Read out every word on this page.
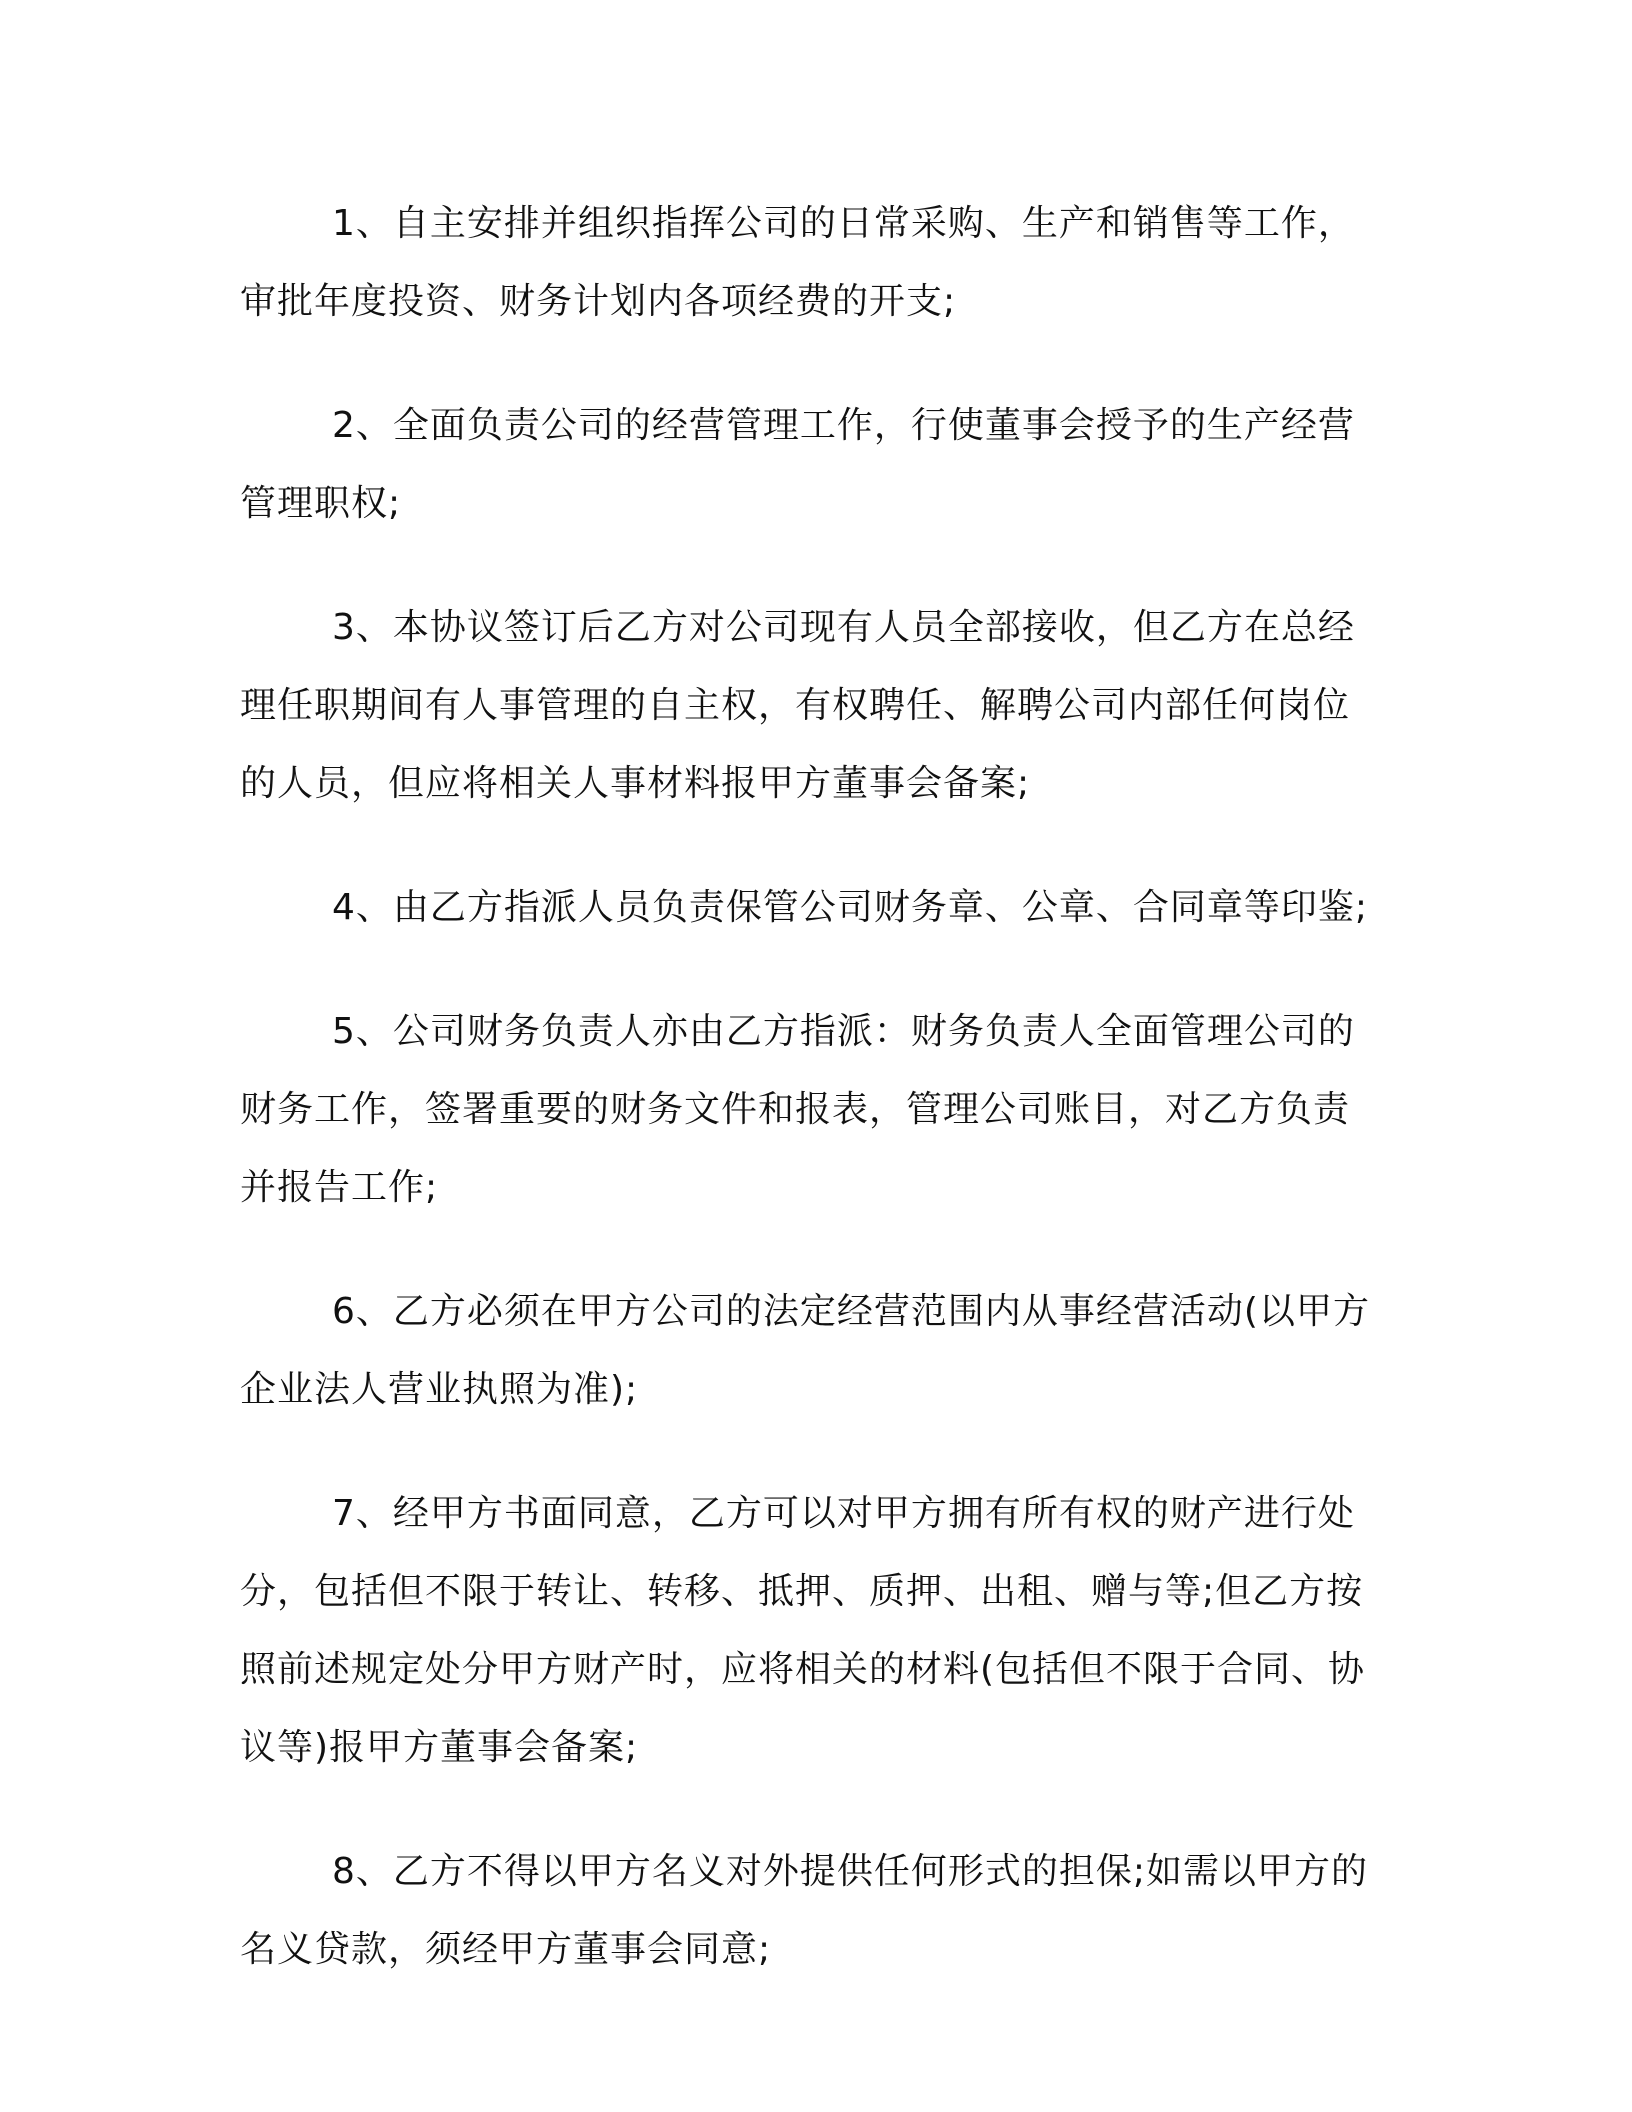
1、自主安排并组织指挥公司的日常采购、生产和销售等工作，审批年度投资、财务计划内各项经费的开支;

2、全面负责公司的经营管理工作，行使董事会授予的生产经营管理职权;

3、本协议签订后乙方对公司现有人员全部接收，但乙方在总经理任职期间有人事管理的自主权，有权聘任、解聘公司内部任何岗位的人员，但应将相关人事材料报甲方董事会备案;

4、由乙方指派人员负责保管公司财务章、公章、合同章等印鉴;

5、公司财务负责人亦由乙方指派：财务负责人全面管理公司的财务工作，签署重要的财务文件和报表，管理公司账目，对乙方负责并报告工作;

6、乙方必须在甲方公司的法定经营范围内从事经营活动(以甲方企业法人营业执照为准);

7、经甲方书面同意，乙方可以对甲方拥有所有权的财产进行处分，包括但不限于转让、转移、抵押、质押、出租、赠与等;但乙方按照前述规定处分甲方财产时，应将相关的材料(包括但不限于合同、协议等)报甲方董事会备案;

8、乙方不得以甲方名义对外提供任何形式的担保;如需以甲方的名义贷款，须经甲方董事会同意;
